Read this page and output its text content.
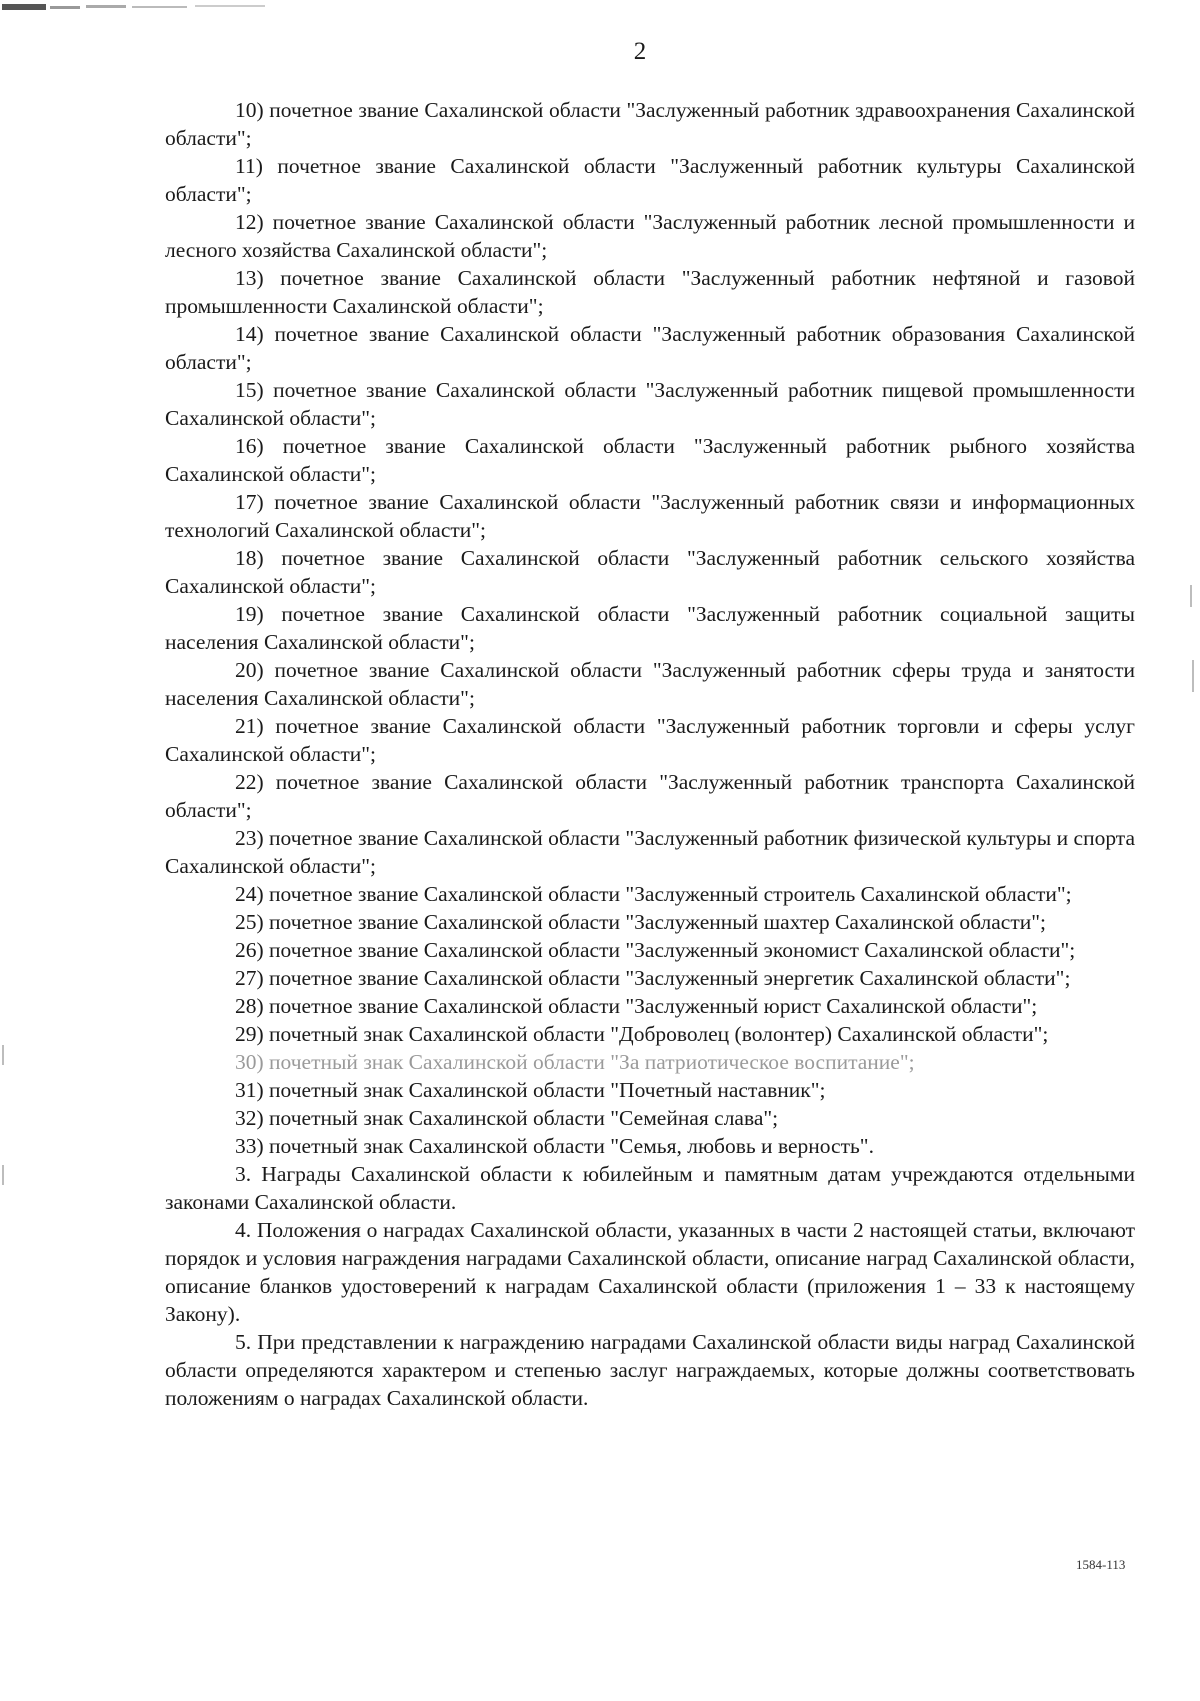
2

10) почетное звание Сахалинской области "Заслуженный работник здравоохранения Сахалинской области";

11) почетное звание Сахалинской области "Заслуженный работник культуры Сахалинской области";

12) почетное звание Сахалинской области "Заслуженный работник лесной промышленности и лесного хозяйства Сахалинской области";

13) почетное звание Сахалинской области "Заслуженный работник нефтяной и газовой промышленности Сахалинской области";

14) почетное звание Сахалинской области "Заслуженный работник образования Сахалинской области";

15) почетное звание Сахалинской области "Заслуженный работник пищевой промышленности Сахалинской области";

16) почетное звание Сахалинской области "Заслуженный работник рыбного хозяйства Сахалинской области";

17) почетное звание Сахалинской области "Заслуженный работник связи и информационных технологий Сахалинской области";

18) почетное звание Сахалинской области "Заслуженный работник сельского хозяйства Сахалинской области";

19) почетное звание Сахалинской области "Заслуженный работник социальной защиты населения Сахалинской области";

20) почетное звание Сахалинской области "Заслуженный работник сферы труда и занятости населения Сахалинской области";

21) почетное звание Сахалинской области "Заслуженный работник торговли и сферы услуг Сахалинской области";

22) почетное звание Сахалинской области "Заслуженный работник транспорта Сахалинской области";

23) почетное звание Сахалинской области "Заслуженный работник физической культуры и спорта Сахалинской области";

24) почетное звание Сахалинской области "Заслуженный строитель Сахалинской области";

25) почетное звание Сахалинской области "Заслуженный шахтер Сахалинской области";

26) почетное звание Сахалинской области "Заслуженный экономист Сахалинской области";

27) почетное звание Сахалинской области "Заслуженный энергетик Сахалинской области";

28) почетное звание Сахалинской области "Заслуженный юрист Сахалинской области";

29) почетный знак Сахалинской области "Доброволец (волонтер) Сахалинской области";

30) почетный знак Сахалинской области "За патриотическое воспитание";

31) почетный знак Сахалинской области "Почетный наставник";

32) почетный знак Сахалинской области "Семейная слава";

33) почетный знак Сахалинской области "Семья, любовь и верность".

3. Награды Сахалинской области к юбилейным и памятным датам учреждаются отдельными законами Сахалинской области.

4. Положения о наградах Сахалинской области, указанных в части 2 настоящей статьи, включают порядок и условия награждения наградами Сахалинской области, описание наград Сахалинской области, описание бланков удостоверений к наградам Сахалинской области (приложения 1 – 33 к настоящему Закону).

5. При представлении к награждению наградами Сахалинской области виды наград Сахалинской области определяются характером и степенью заслуг награждаемых, которые должны соответствовать положениям о наградах Сахалинской области.

1584-113
